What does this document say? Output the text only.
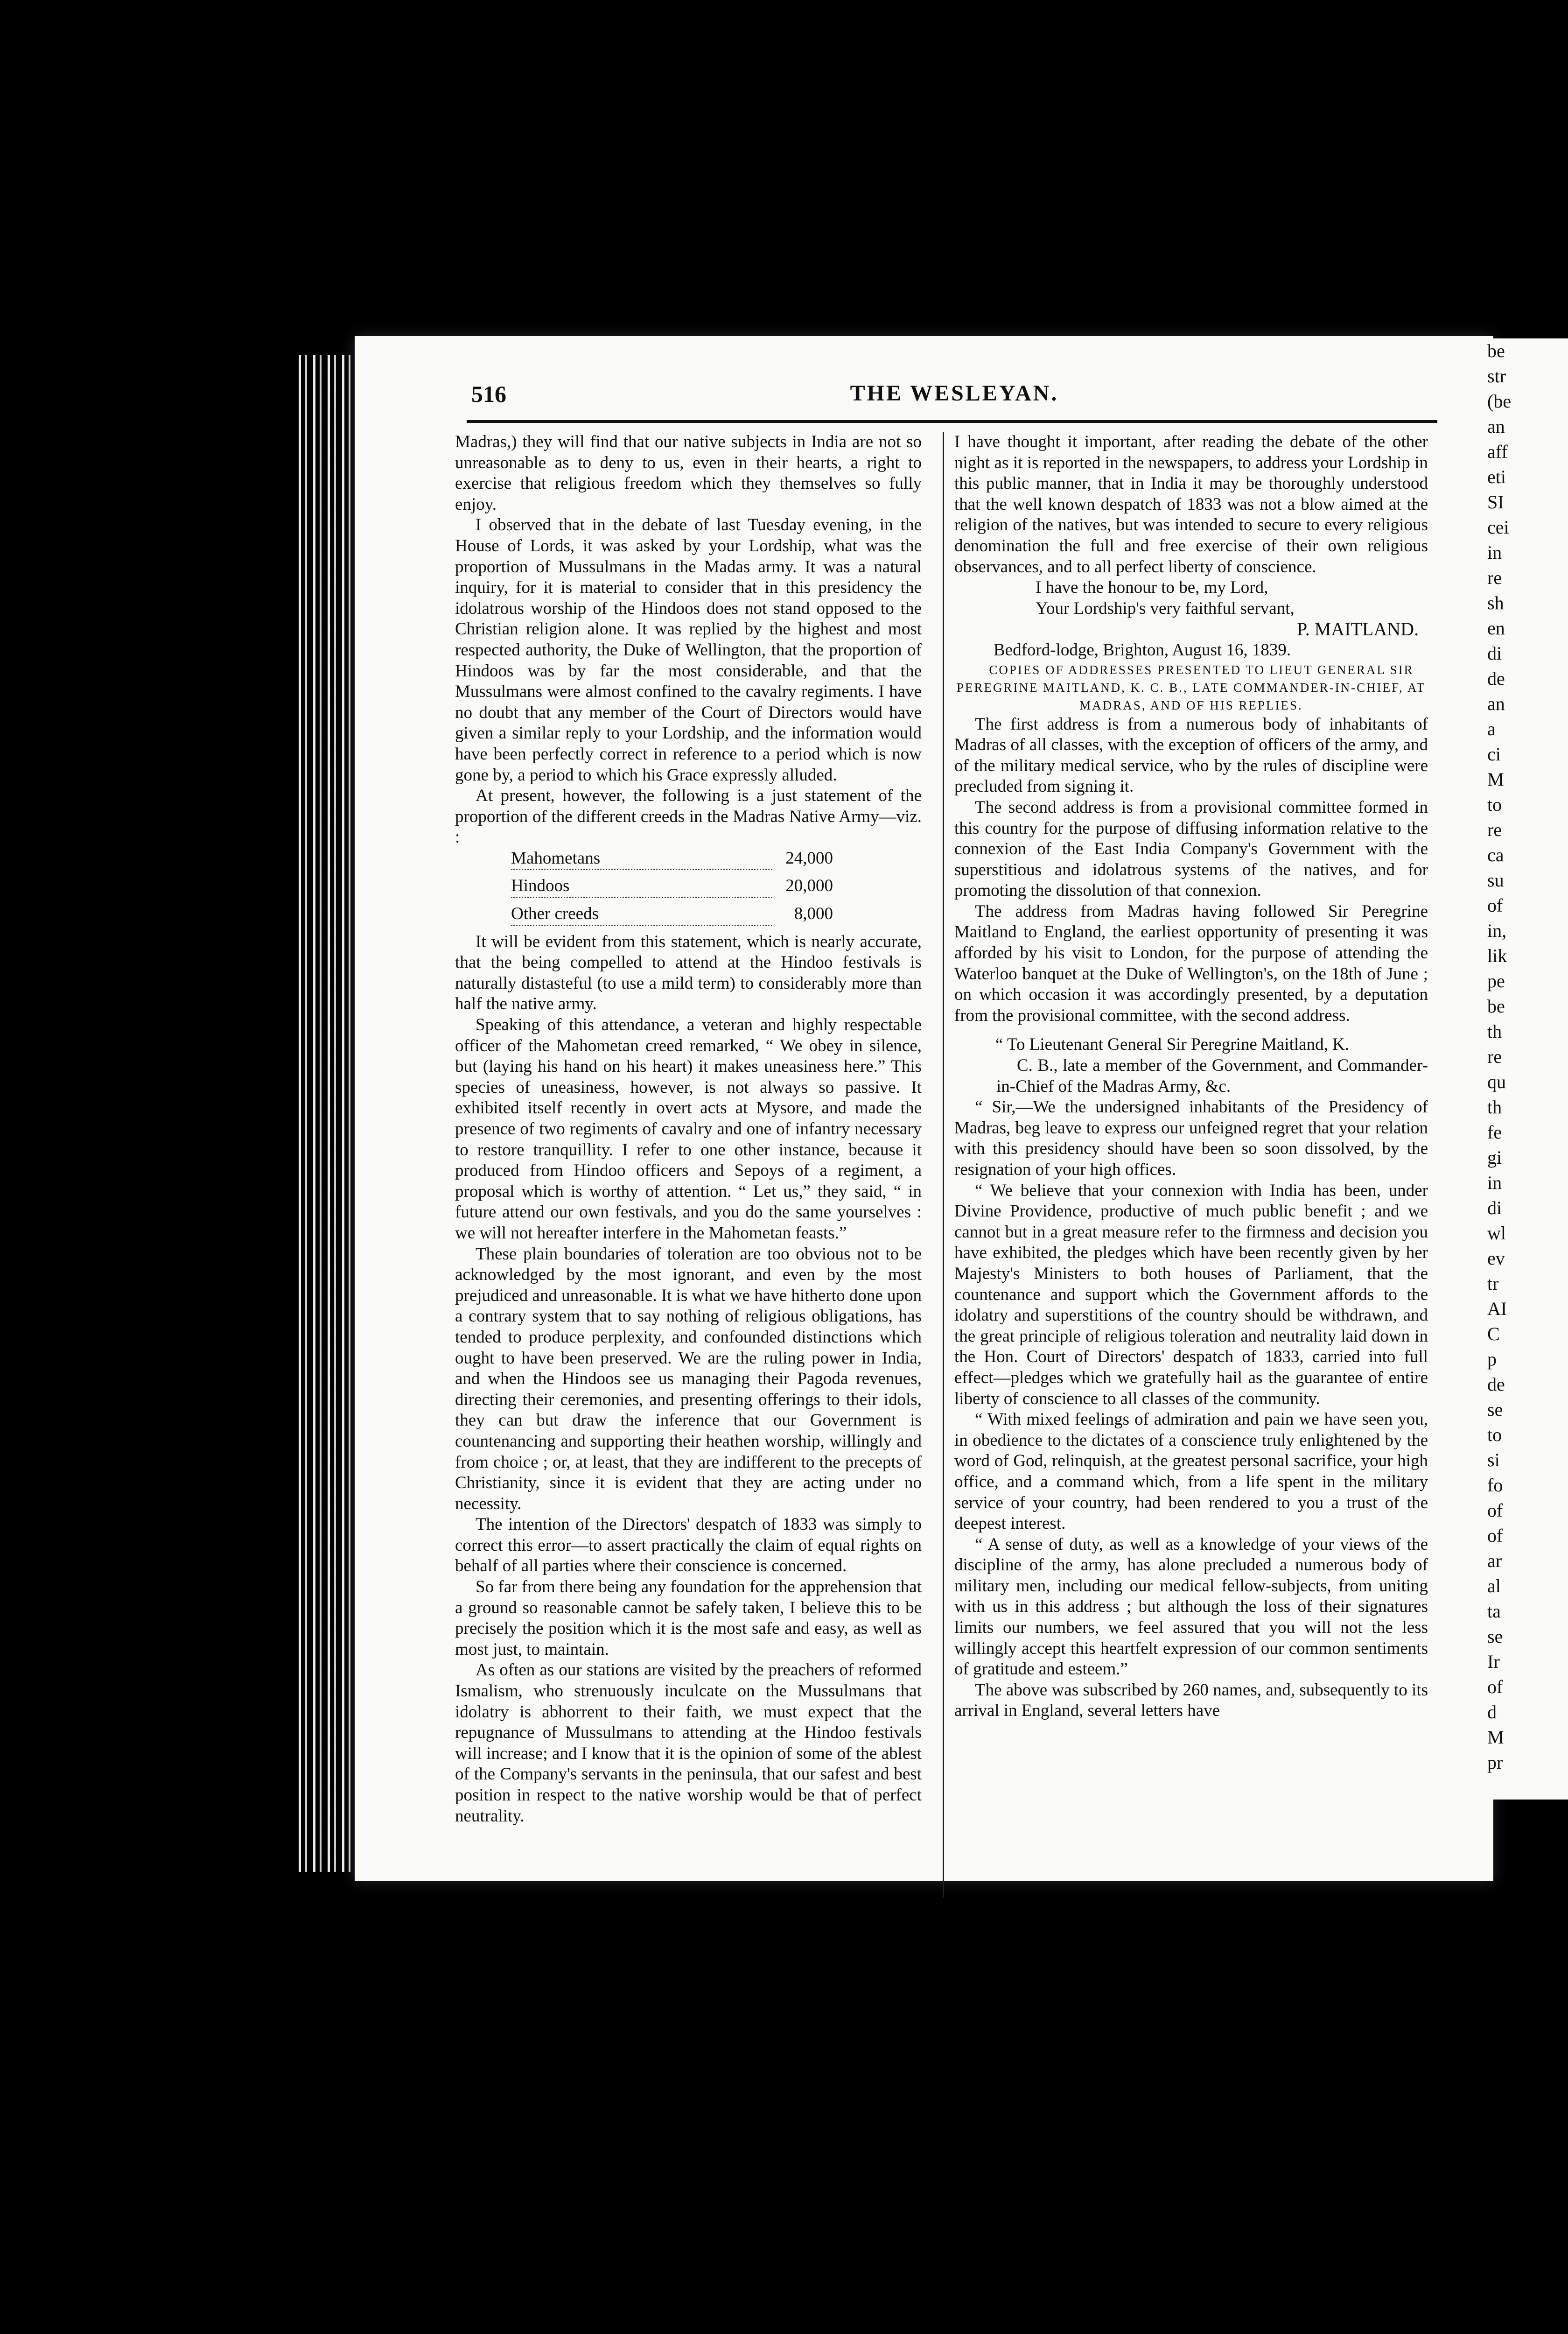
be
str
(be
an
aff
eti
SI
cei
in
re
sh
en
di
de
an
a
ci
M
to
re
ca
su
of
in,
lik
pe
be
th
re
qu
th
fe
gi
in
di
wl
ev
tr
AI
C
p
de
se
to
si
fo
of
of
ar
al
ta
se
Ir
of
d
M
pr
THE WESLEYAN.
516

Madras,) they will find that our native subjects in India are not so unreasonable as to deny to us, even in their hearts, a right to exercise that religious freedom which they themselves so fully enjoy.

I observed that in the debate of last Tuesday evening, in the House of Lords, it was asked by your Lordship, what was the proportion of Mussulmans in the Madas army. It was a natural inquiry, for it is material to consider that in this presidency the idolatrous worship of the Hindoos does not stand opposed to the Christian religion alone. It was replied by the highest and most respected authority, the Duke of Wellington, that the proportion of Hindoos was by far the most considerable, and that the Mussulmans were almost confined to the cavalry regiments. I have no doubt that any member of the Court of Directors would have given a similar reply to your Lordship, and the information would have been perfectly correct in reference to a period which is now gone by, a period to which his Grace expressly alluded.

At present, however, the following is a just statement of the proportion of the different creeds in the Madras Native Army—viz. :

Mahometans	24,000
Hindoos	20,000
Other creeds	8,000

It will be evident from this statement, which is nearly accurate, that the being compelled to attend at the Hindoo festivals is naturally distasteful (to use a mild term) to considerably more than half the native army.

Speaking of this attendance, a veteran and highly respectable officer of the Mahometan creed remarked, “ We obey in silence, but (laying his hand on his heart) it makes uneasiness here.” This species of uneasiness, however, is not always so passive. It exhibited itself recently in overt acts at Mysore, and made the presence of two regiments of cavalry and one of infantry necessary to restore tranquillity. I refer to one other instance, because it produced from Hindoo officers and Sepoys of a regiment, a proposal which is worthy of attention. “ Let us,” they said, “ in future attend our own festivals, and you do the same yourselves : we will not hereafter interfere in the Mahometan feasts.”

These plain boundaries of toleration are too obvious not to be acknowledged by the most ignorant, and even by the most prejudiced and unreasonable. It is what we have hitherto done upon a contrary system that to say nothing of religious obligations, has tended to produce perplexity, and confounded distinctions which ought to have been preserved. We are the ruling power in India, and when the Hindoos see us managing their Pagoda revenues, directing their ceremonies, and presenting offerings to their idols, they can but draw the inference that our Government is countenancing and supporting their heathen worship, willingly and from choice ; or, at least, that they are indifferent to the precepts of Christianity, since it is evident that they are acting under no necessity.

The intention of the Directors' despatch of 1833 was simply to correct this error—to assert practically the claim of equal rights on behalf of all parties where their conscience is concerned.

So far from there being any foundation for the apprehension that a ground so reasonable cannot be safely taken, I believe this to be precisely the position which it is the most safe and easy, as well as most just, to maintain.

As often as our stations are visited by the preachers of reformed Ismalism, who strenuously inculcate on the Mussulmans that idolatry is abhorrent to their faith, we must expect that the repugnance of Mussulmans to attending at the Hindoo festivals will increase; and I know that it is the opinion of some of the ablest of the Company's servants in the peninsula, that our safest and best position in respect to the native worship would be that of perfect neutrality.

I have thought it important, after reading the debate of the other night as it is reported in the newspapers, to address your Lordship in this public manner, that in India it may be thoroughly understood that the well known despatch of 1833 was not a blow aimed at the religion of the natives, but was intended to secure to every religious denomination the full and free exercise of their own religious observances, and to all perfect liberty of conscience.

I have the honour to be, my Lord,

Your Lordship's very faithful servant,

P. MAITLAND.

Bedford-lodge, Brighton, August 16, 1839.

COPIES OF ADDRESSES PRESENTED TO LIEUT GENERAL SIR PEREGRINE MAITLAND, K. C. B., LATE COMMANDER-IN-CHIEF, AT MADRAS, AND OF HIS REPLIES.

The first address is from a numerous body of inhabitants of Madras of all classes, with the exception of officers of the army, and of the military medical service, who by the rules of discipline were precluded from signing it.

The second address is from a provisional committee formed in this country for the purpose of diffusing information relative to the connexion of the East India Company's Government with the superstitious and idolatrous systems of the natives, and for promoting the dissolution of that connexion.

The address from Madras having followed Sir Peregrine Maitland to England, the earliest opportunity of presenting it was afforded by his visit to London, for the purpose of attending the Waterloo banquet at the Duke of Wellington's, on the 18th of June ; on which occasion it was accordingly presented, by a deputation from the provisional committee, with the second address.

“ To Lieutenant General Sir Peregrine Maitland, K.

C. B., late a member of the Government, and Commander-in-Chief of the Madras Army, &c.

“ Sir,—We the undersigned inhabitants of the Presidency of Madras, beg leave to express our unfeigned regret that your relation with this presidency should have been so soon dissolved, by the resignation of your high offices.

“ We believe that your connexion with India has been, under Divine Providence, productive of much public benefit ; and we cannot but in a great measure refer to the firmness and decision you have exhibited, the pledges which have been recently given by her Majesty's Ministers to both houses of Parliament, that the countenance and support which the Government affords to the idolatry and superstitions of the country should be withdrawn, and the great principle of religious toleration and neutrality laid down in the Hon. Court of Directors' despatch of 1833, carried into full effect—pledges which we gratefully hail as the guarantee of entire liberty of conscience to all classes of the community.

“ With mixed feelings of admiration and pain we have seen you, in obedience to the dictates of a conscience truly enlightened by the word of God, relinquish, at the greatest personal sacrifice, your high office, and a command which, from a life spent in the military service of your country, had been rendered to you a trust of the deepest interest.

“ A sense of duty, as well as a knowledge of your views of the discipline of the army, has alone precluded a numerous body of military men, including our medical fellow-subjects, from uniting with us in this address ; but although the loss of their signatures limits our numbers, we feel assured that you will not the less willingly accept this heartfelt expression of our common sentiments of gratitude and esteem.”

The above was subscribed by 260 names, and, subsequently to its arrival in England, several letters have
